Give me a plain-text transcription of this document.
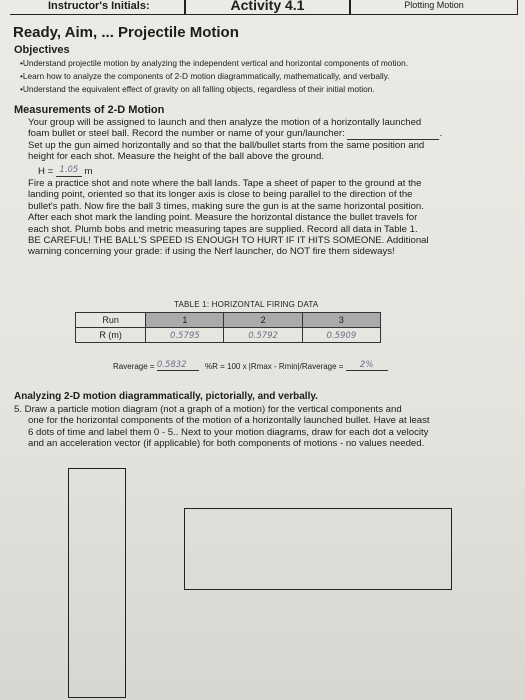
Instructor's Initials:	Activity 4.1	Plotting Motion
Ready, Aim, ... Projectile Motion
Objectives
•Understand projectile motion by analyzing the independent vertical and horizontal components of motion.
•Learn how to analyze the components of 2-D motion diagrammatically, mathematically, and verbally.
•Understand the equivalent effect of gravity on all falling objects, regardless of their initial motion.
Measurements of 2-D Motion
Your group will be assigned to launch and then analyze the motion of a horizontally launched
foam bullet or steel ball. Record the number or name of your gun/launcher:	.
Set up the gun aimed horizontally and so that the ball/bullet starts from the same position and
height for each shot. Measure the height of the ball above the ground.
H = 1.05 m
Fire a practice shot and note where the ball lands. Tape a sheet of paper to the ground at the
landing point, oriented so that its longer axis is close to being parallel to the direction of the
bullet's path. Now fire the ball 3 times, making sure the gun is at the same horizontal position.
After each shot mark the landing point. Measure the horizontal distance the bullet travels for
each shot. Plumb bobs and metric measuring tapes are supplied. Record all data in Table 1.
BE CAREFUL! THE BALL'S SPEED IS ENOUGH TO HURT IF IT HITS SOMEONE. Additional
warning concerning your grade: if using the Nerf launcher, do NOT fire them sideways!
TABLE 1: HORIZONTAL FIRING DATA
Run	1	2	3
R (m)	0.5795	0.5792	0.5909
Raverage = 0.5832	%R = 100 x |Rmax - Rmin|/Raverage = 2%
Analyzing 2-D motion diagrammatically, pictorially, and verbally.
5. Draw a particle motion diagram (not a graph of a motion) for the vertical components and
one for the horizontal components of the motion of a horizontally launched bullet. Have at least
6 dots of time and label them 0 - 5.. Next to your motion diagrams, draw for each dot a velocity
and an acceleration vector (if applicable) for both components of motions - no values needed.
